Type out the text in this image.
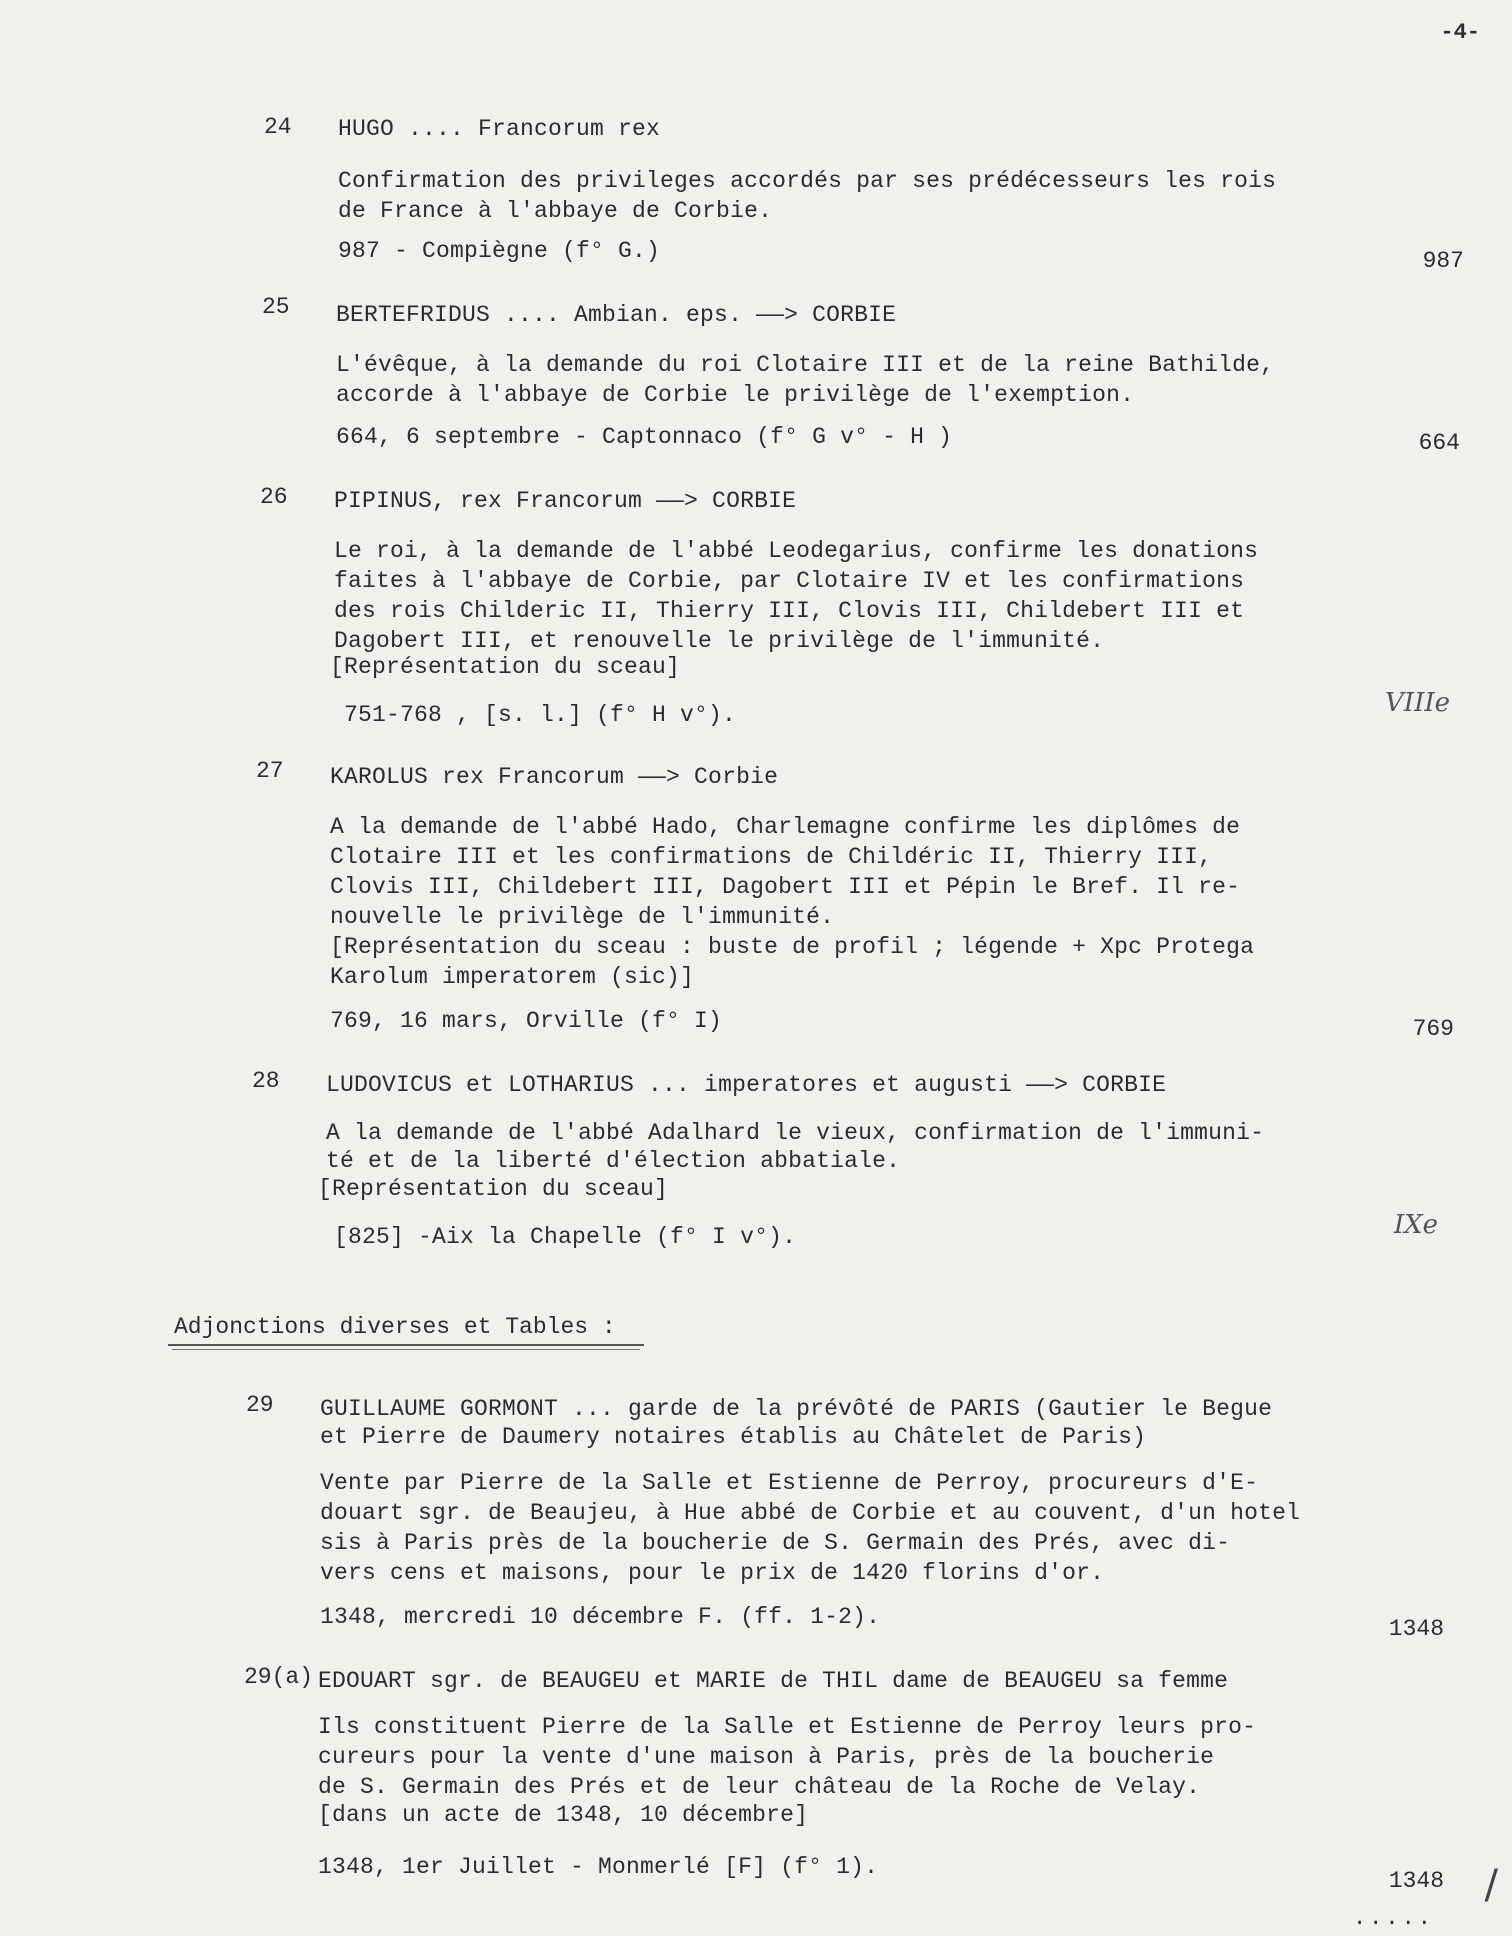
-4-
24 HUGO .... Francorum rex
Confirmation des privileges accordés par ses prédécesseurs les rois
de France à l'abbaye de Corbie.
987 - Compiègne (f° G.)	987
25 BERTEFRIDUS .... Ambian. eps. ——> CORBIE
L'évêque, à la demande du roi Clotaire III et de la reine Bathilde,
accorde à l'abbaye de Corbie le privilège de l'exemption.
664, 6 septembre - Captonnaco (f° G v° - H )	664
26 PIPINUS, rex Francorum ——> CORBIE
Le roi, à la demande de l'abbé Leodegarius, confirme les donations
faites à l'abbaye de Corbie, par Clotaire IV et les confirmations
des rois Childeric II, Thierry III, Clovis III, Childebert III et
Dagobert III, et renouvelle le privilège de l'immunité.
[Représentation du sceau]
751-768 , [s. l.] (f° H v°).	VIIIe
27 KAROLUS rex Francorum ——> Corbie
A la demande de l'abbé Hado, Charlemagne confirme les diplômes de
Clotaire III et les confirmations de Childéric II, Thierry III,
Clovis III, Childebert III, Dagobert III et Pépin le Bref. Il re-
nouvelle le privilège de l'immunité.
[Représentation du sceau : buste de profil ; légende + Xpc Protega
Karolum imperatorem (sic)]
769, 16 mars, Orville (f° I)	769
28 LUDOVICUS et LOTHARIUS ... imperatores et augusti ——> CORBIE
A la demande de l'abbé Adalhard le vieux, confirmation de l'immuni-
té et de la liberté d'élection abbatiale.
[Représentation du sceau]
[825] -Aix la Chapelle (f° I v°).	IXe
Adjonctions diverses et Tables :
29 GUILLAUME GORMONT ... garde de la prévôté de PARIS (Gautier le Begue
et Pierre de Daumery notaires établis au Châtelet de Paris)
Vente par Pierre de la Salle et Estienne de Perroy, procureurs d'E-
douart sgr. de Beaujeu, à Hue abbé de Corbie et au couvent, d'un hotel
sis à Paris près de la boucherie de S. Germain des Prés, avec di-
vers cens et maisons, pour le prix de 1420 florins d'or.
1348, mercredi 10 décembre F. (ff. 1-2).	1348
29(a) EDOUART sgr. de BEAUGEU et MARIE de THIL dame de BEAUGEU sa femme
Ils constituent Pierre de la Salle et Estienne de Perroy leurs pro-
cureurs pour la vente d'une maison à Paris, près de la boucherie
de S. Germain des Prés et de leur château de la Roche de Velay.
[dans un acte de 1348, 10 décembre]
1348, 1er Juillet - Monmerlé [F] (f° 1).
1348 /
.....
